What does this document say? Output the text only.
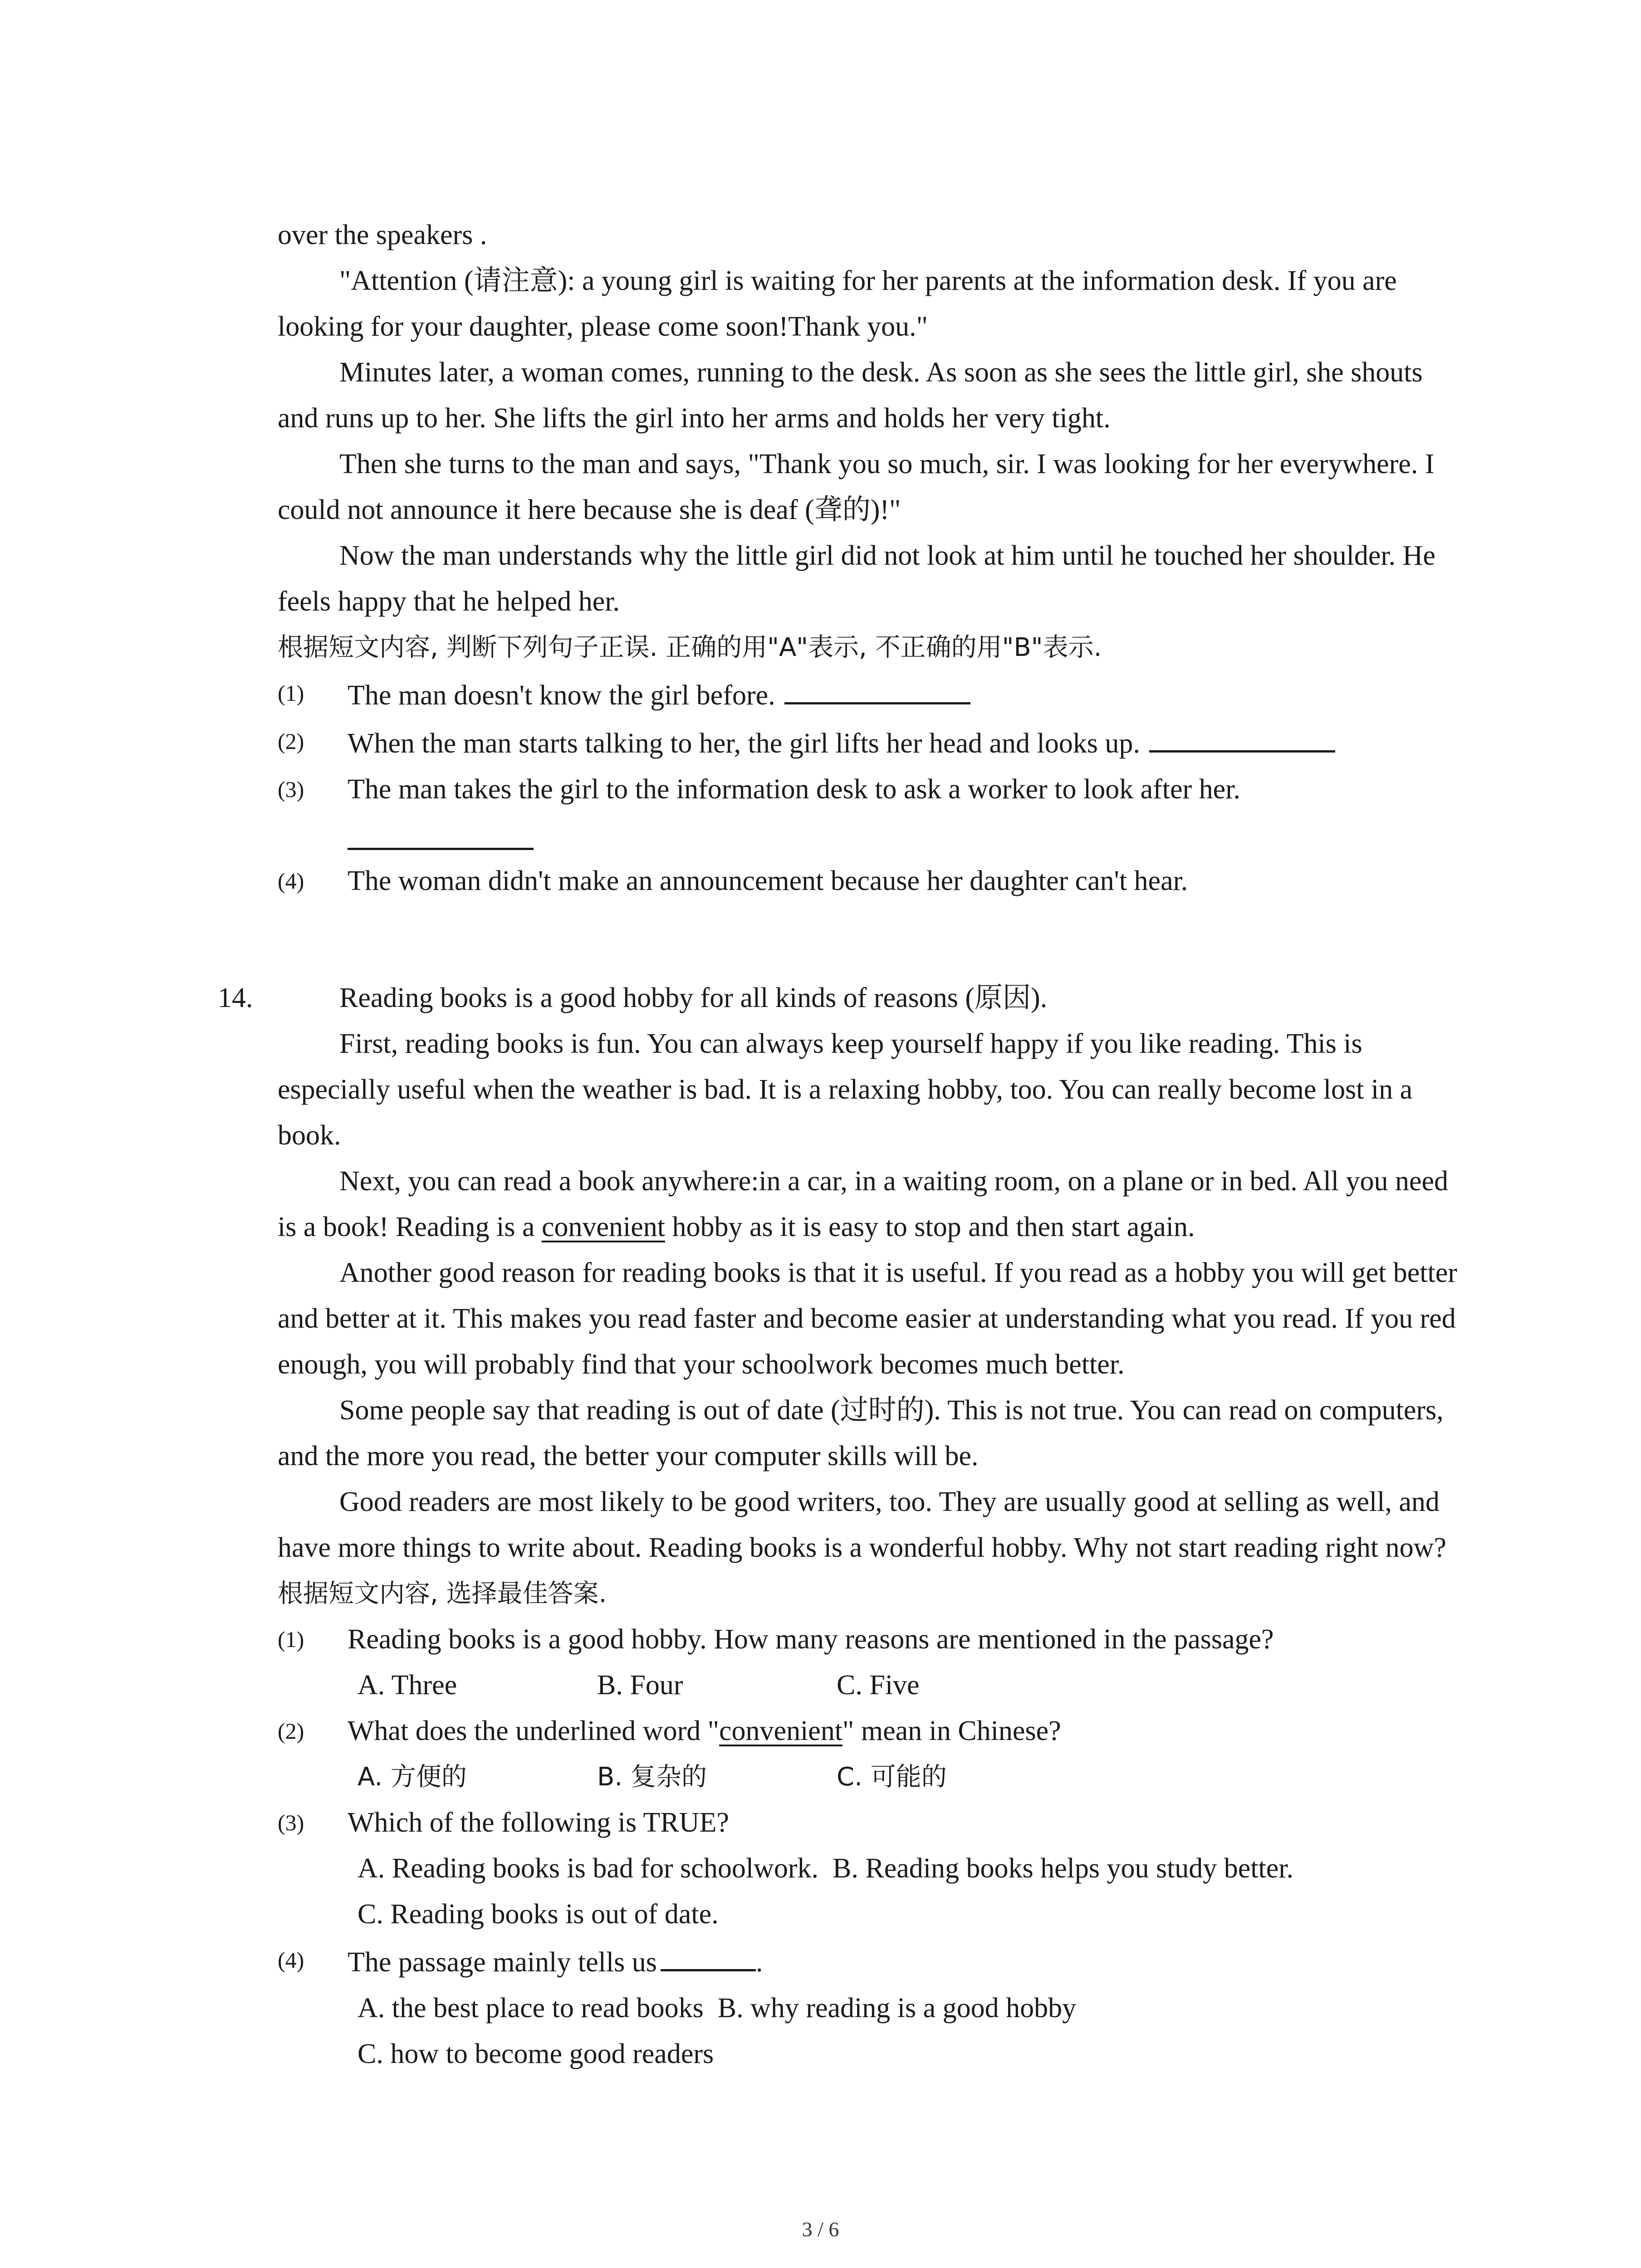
over the speakers .

"Attention (请注意): a young girl is waiting for her parents at the information desk. If you are looking for your daughter, please come soon!Thank you."

Minutes later, a woman comes, running to the desk. As soon as she sees the little girl, she shouts and runs up to her. She lifts the girl into her arms and holds her very tight.

Then she turns to the man and says, "Thank you so much, sir. I was looking for her everywhere. I could not announce it here because she is deaf (聋的)!"

Now the man understands why the little girl did not look at him until he touched her shoulder. He feels happy that he helped her.

根据短文内容, 判断下列句子正误. 正确的用"A"表示, 不正确的用"B"表示.

(1) The man doesn't know the girl before.

(2) When the man starts talking to her, the girl lifts her head and looks up.

(3) The man takes the girl to the information desk to ask a worker to look after her.

(4) The woman didn't make an announcement because her daughter can't hear.

14.	Reading books is a good hobby for all kinds of reasons (原因).

First, reading books is fun. You can always keep yourself happy if you like reading. This is especially useful when the weather is bad. It is a relaxing hobby, too. You can really become lost in a book.

Next, you can read a book anywhere:in a car, in a waiting room, on a plane or in bed. All you need is a book! Reading is a convenient hobby as it is easy to stop and then start again.

Another good reason for reading books is that it is useful. If you read as a hobby you will get better and better at it. This makes you read faster and become easier at understanding what you read. If you red enough, you will probably find that your schoolwork becomes much better.

Some people say that reading is out of date (过时的). This is not true. You can read on computers, and the more you read, the better your computer skills will be.

Good readers are most likely to be good writers, too. They are usually good at selling as well, and have more things to write about. Reading books is a wonderful hobby. Why not start reading right now?

根据短文内容, 选择最佳答案.

(1) Reading books is a good hobby. How many reasons are mentioned in the passage?

A. Three	B. Four	C. Five

(2) What does the underlined word "convenient" mean in Chinese?

A. 方便的	B. 复杂的	C. 可能的

(3) Which of the following is TRUE?

A. Reading books is bad for schoolwork. B. Reading books helps you study better.

C. Reading books is out of date.

(4) The passage mainly tells us	.

A. the best place to read books B. why reading is a good hobby

C. how to become good readers

3 / 6
